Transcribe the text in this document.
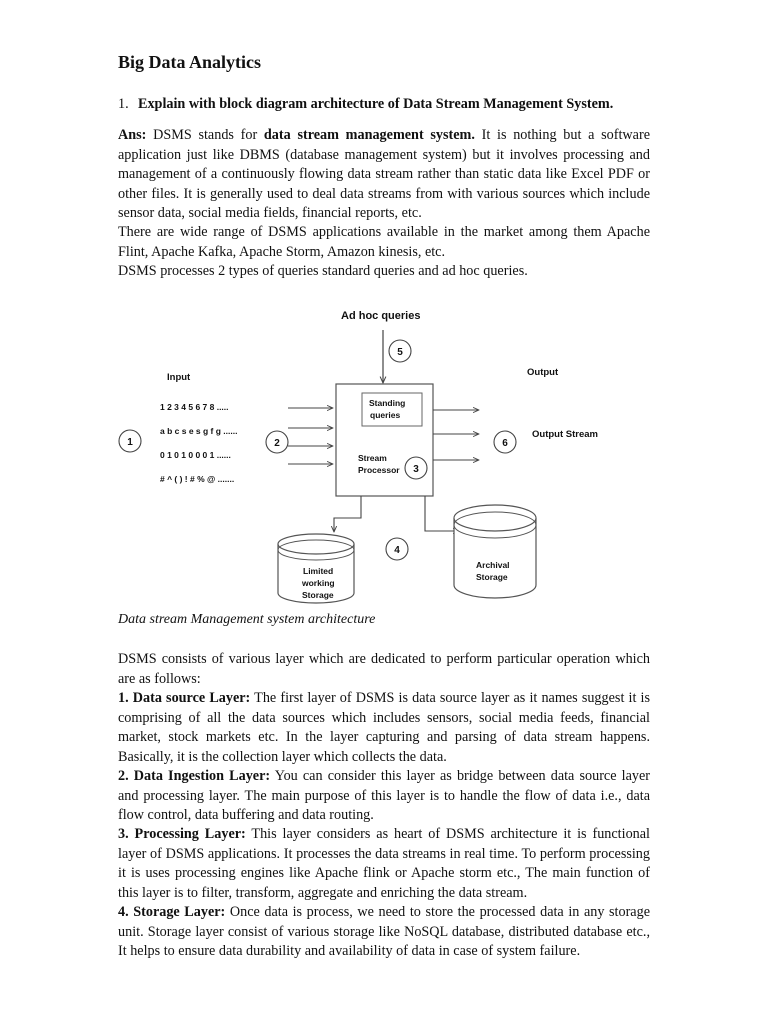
Big Data Analytics
1. Explain with block diagram architecture of Data Stream Management System.
Ans: DSMS stands for data stream management system. It is nothing but a software application just like DBMS (database management system) but it involves processing and management of a continuously flowing data stream rather than static data like Excel PDF or other files. It is generally used to deal data streams from with various sources which include sensor data, social media fields, financial reports, etc.
There are wide range of DSMS applications available in the market among them Apache Flint, Apache Kafka, Apache Storm, Amazon kinesis, etc.
DSMS processes 2 types of queries standard queries and ad hoc queries.
Ad hoc queries
Input
1 2 3 4 5 6 7 8 .....
a b c s e s g f g ......
0 1 0 1 0 0 0 1 ......
# ^ ( ) ! # % @ .......
Standing
queries
Stream
Processor
Output
Output Stream
Limited
working
Storage
Archival
Storage
1	2
3
4
5
6
Data stream Management system architecture
DSMS consists of various layer which are dedicated to perform particular operation which are as follows:
1. Data source Layer: The first layer of DSMS is data source layer as it names suggest it is comprising of all the data sources which includes sensors, social media feeds, financial market, stock markets etc. In the layer capturing and parsing of data stream happens. Basically, it is the collection layer which collects the data.
2. Data Ingestion Layer: You can consider this layer as bridge between data source layer and processing layer. The main purpose of this layer is to handle the flow of data i.e., data flow control, data buffering and data routing.
3. Processing Layer: This layer considers as heart of DSMS architecture it is functional layer of DSMS applications. It processes the data streams in real time. To perform processing it is uses processing engines like Apache flink or Apache storm etc., The main function of this layer is to filter, transform, aggregate and enriching the data stream.
4. Storage Layer: Once data is process, we need to store the processed data in any storage unit. Storage layer consist of various storage like NoSQL database, distributed database etc., It helps to ensure data durability and availability of data in case of system failure.
